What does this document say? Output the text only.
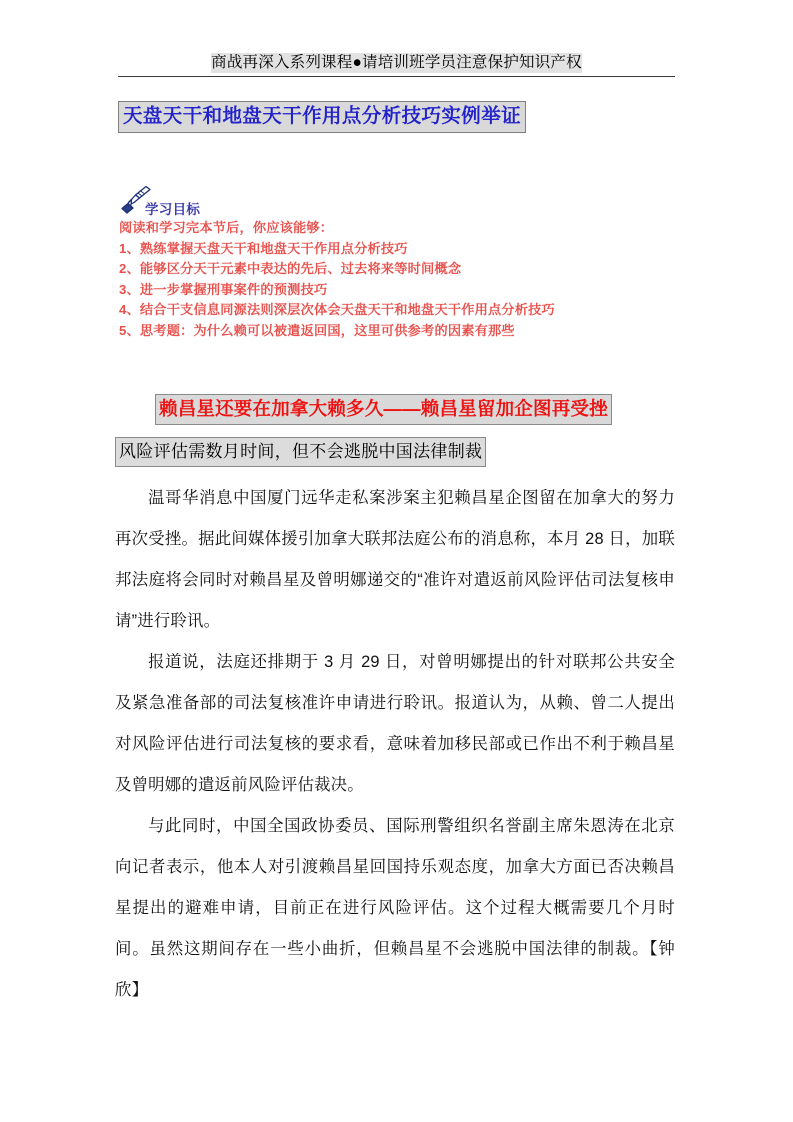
商战再深入系列课程●请培训班学员注意保护知识产权
天盘天干和地盘天干作用点分析技巧实例举证
学习目标
阅读和学习完本节后，你应该能够：
1、熟练掌握天盘天干和地盘天干作用点分析技巧
2、能够区分天干元素中表达的先后、过去将来等时间概念
3、进一步掌握刑事案件的预测技巧
4、结合干支信息同源法则深层次体会天盘天干和地盘天干作用点分析技巧
5、思考题：为什么赖可以被遣返回国，这里可供参考的因素有那些
赖昌星还要在加拿大赖多久——赖昌星留加企图再受挫
风险评估需数月时间，但不会逃脱中国法律制裁

温哥华消息中国厦门远华走私案涉案主犯赖昌星企图留在加拿大的努力再次受挫。据此间媒体援引加拿大联邦法庭公布的消息称，本月 28 日，加联邦法庭将会同时对赖昌星及曾明娜递交的“准许对遣返前风险评估司法复核申请”进行聆讯。

报道说，法庭还排期于 3 月 29 日，对曾明娜提出的针对联邦公共安全及紧急准备部的司法复核准许申请进行聆讯。报道认为，从赖、曾二人提出对风险评估进行司法复核的要求看，意味着加移民部或已作出不利于赖昌星及曾明娜的遣返前风险评估裁决。

与此同时，中国全国政协委员、国际刑警组织名誉副主席朱恩涛在北京向记者表示，他本人对引渡赖昌星回国持乐观态度，加拿大方面已否决赖昌星提出的避难申请，目前正在进行风险评估。这个过程大概需要几个月时间。虽然这期间存在一些小曲折，但赖昌星不会逃脱中国法律的制裁。【钟欣】
